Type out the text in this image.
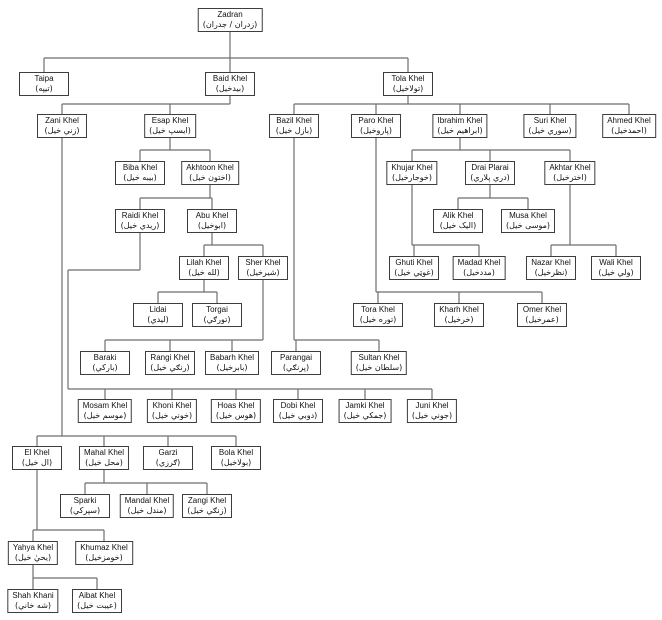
Zadran
(زدران / جدران)
Taipa
(تيپه)
Baid Khel
(بيدخيل)
Tola Khel
(تولاخيل)
Zani Khel
(زني خيل)
Esap Khel
(ايسپ خيل)
Bazil Khel
(بازل خيل)
Paro Khel
(پاروخيل)
Ibrahim Khel
(ابراهيم خيل)
Suri Khel
(سوري خيل)
Ahmed Khel
(احمدخيل)
Biba Khel
(بيبه خيل)
Akhtoon Khel
(اختون خيل)
Khujar Khel
(خوجارخيل)
Drai Plarai
(دري پلاري)
Akhtar Khel
(اخترخيل)
Raidi Khel
(ريدي خيل)
Abu Khel
(ابوخيل)
Alik Khel
(اليک خيل)
Musa Khel
(موسی خيل)
Lilah Khel
(لله خيل)
Sher Khel
(شيرخيل)
Ghuti Khel
(غوټي خيل)
Madad Khel
(مددخيل)
Nazar Khel
(نظرخيل)
Wali Khel
(ولي خيل)
Lidai
(ليدي)
Torgai
(تورګي)
Tora Khel
(توره خيل)
Kharh Khel
(خرخيل)
Omer Khel
(عمرخيل)
Baraki
(بارکي)
Rangi Khel
(رنګي خيل)
Babarh Khel
(بابرخيل)
Parangai
(پرنګي)
Sultan Khel
(سلطان خيل)
Mosam Khel
(موسم خيل)
Khoni Khel
(خوني خيل)
Hoas Khel
(هوس خيل)
Dobi Khel
(دوبي خيل)
Jamki Khel
(جمکي خيل)
Juni Khel
(جوني خيل)
El Khel
(ال خيل)
Mahal Khel
(محل خيل)
Garzi
(ګرزي)
Bola Khel
(بولاخيل)
Sparki
(سپرکي)
Mandal Khel
(مندل خيل)
Zangi Khel
(زنګي خيل)
Yahya Khel
(يحيٰ خيل)
Khumaz Khel
(خومزخيل)
Shah Khani
(شه خاني)
Aibat Khel
(عيبت خيل)
